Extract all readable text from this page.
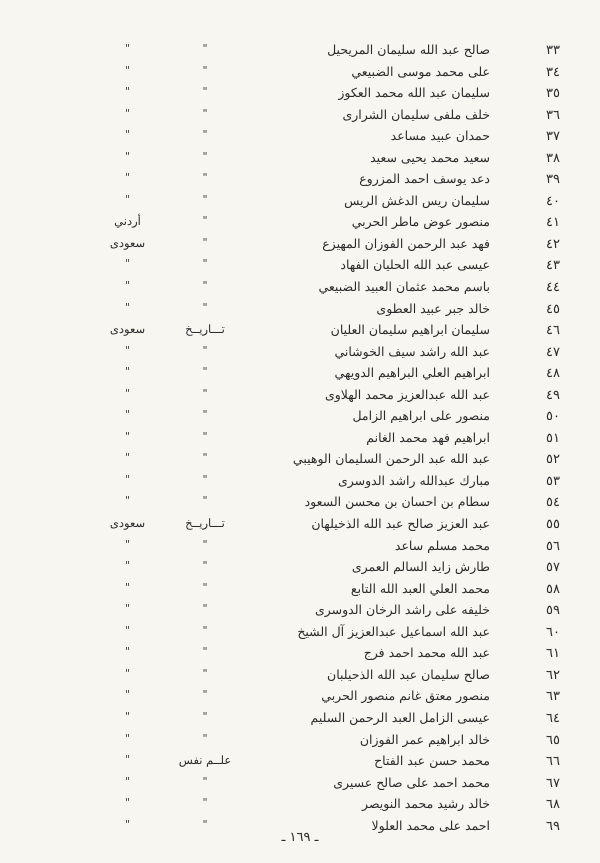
٣٣
صالح عبد الله سليمان المريحيل
"
"
٣٤
على محمد موسى الضبيعي
"
"
٣٥
سليمان عبد الله محمد العكوز
"
"
٣٦
خلف ملفى سليمان الشرارى
"
"
٣٧
حمدان عبيد مساعد
"
"
٣٨
سعيد محمد يحيى سعيد
"
"
٣٩
دعد يوسف احمد المزروع
"
"
٤٠
سليمان ريس الدغش الريس
"
"
٤١
منصور عوض ماطر الحربي
"
أردني
٤٢
فهد عبد الرحمن الفوزان المهيزع
"
سعودى
٤٣
عيسى عبد الله الحليان الفهاد
"
"
٤٤
باسم محمد عثمان العبيد الضبيعي
"
"
٤٥
خالد جبر عبيد العطوى
"
"
٤٦
سليمان ابراهيم سليمان العليان
تـــاريــخ
سعودى
٤٧
عبد الله راشد سيف الخوشاني
"
"
٤٨
ابراهيم العلي البراهيم الدويهي
"
"
٤٩
عبد الله عبدالعزيز محمد الهلاوى
"
"
٥٠
منصور على ابراهيم الزامل
"
"
٥١
ابراهيم فهد محمد الغانم
"
"
٥٢
عبد الله عبد الرحمن السليمان الوهيبي
"
"
٥٣
مبارك عبدالله راشد الدوسرى
"
"
٥٤
سطام بن احسان بن محسن السعود
"
"
٥٥
عبد العزيز صالح عبد الله الذخيلهان
تـــاريــخ
سعودى
٥٦
محمد مسلم ساعد
"
"
٥٧
طارش زايد السالم العمرى
"
"
٥٨
محمد العلي العبد الله التابع
"
"
٥٩
خليفه على راشد الرخان الدوسرى
"
"
٦٠
عبد الله اسماعيل عبدالعزيز آل الشيخ
"
"
٦١
عبد الله محمد احمد فرج
"
"
٦٢
صالح سليمان عبد الله الذحيلبان
"
"
٦٣
منصور معتق غانم منصور الحربي
"
"
٦٤
عيسى الزامل العبد الرحمن السليم
"
"
٦٥
خالد ابراهيم عمر الفوزان
"
"
٦٦
محمد حسن عبد الفتاح
علــم نفس
"
٦٧
محمد احمد على صالح عسيرى
"
"
٦٨
خالد رشيد محمد النويصر
"
"
٦٩
احمد على محمد العلولا
"
"
ـ ١٦٩ ـ
